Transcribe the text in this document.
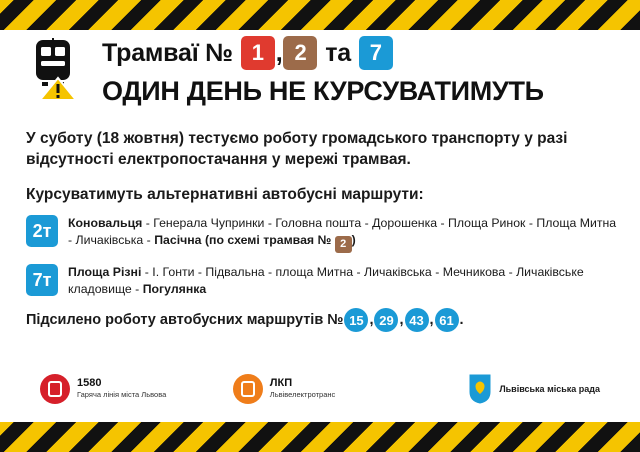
Трамваї № 1 , 2 та 7
ОДИН ДЕНЬ НЕ КУРСУВАТИМУТЬ
У суботу (18 жовтня) тестуємо роботу громадського транспорту у разі відсутності електропостачання у мережі трамвая.
Курсуватимуть альтернативні автобусні маршрути:
2т	Коновальця - Генерала Чупринки - Головна пошта - Дорошенка - Площа Ринок - Площа Митна - Личаківська - Пасічна (по схемі трамвая № 2 )
7т	Площа Різні - І. Гонти - Підвальна - площа Митна - Личаківська - Мечникова - Личаківське кладовище - Погулянка
Підсилено роботу автобусних маршрутів № 15 , 29 , 43 , 61 .
1580
Гаряча лінія міста Львова
ЛКП
Львівелектротранс
Львівська міська рада
